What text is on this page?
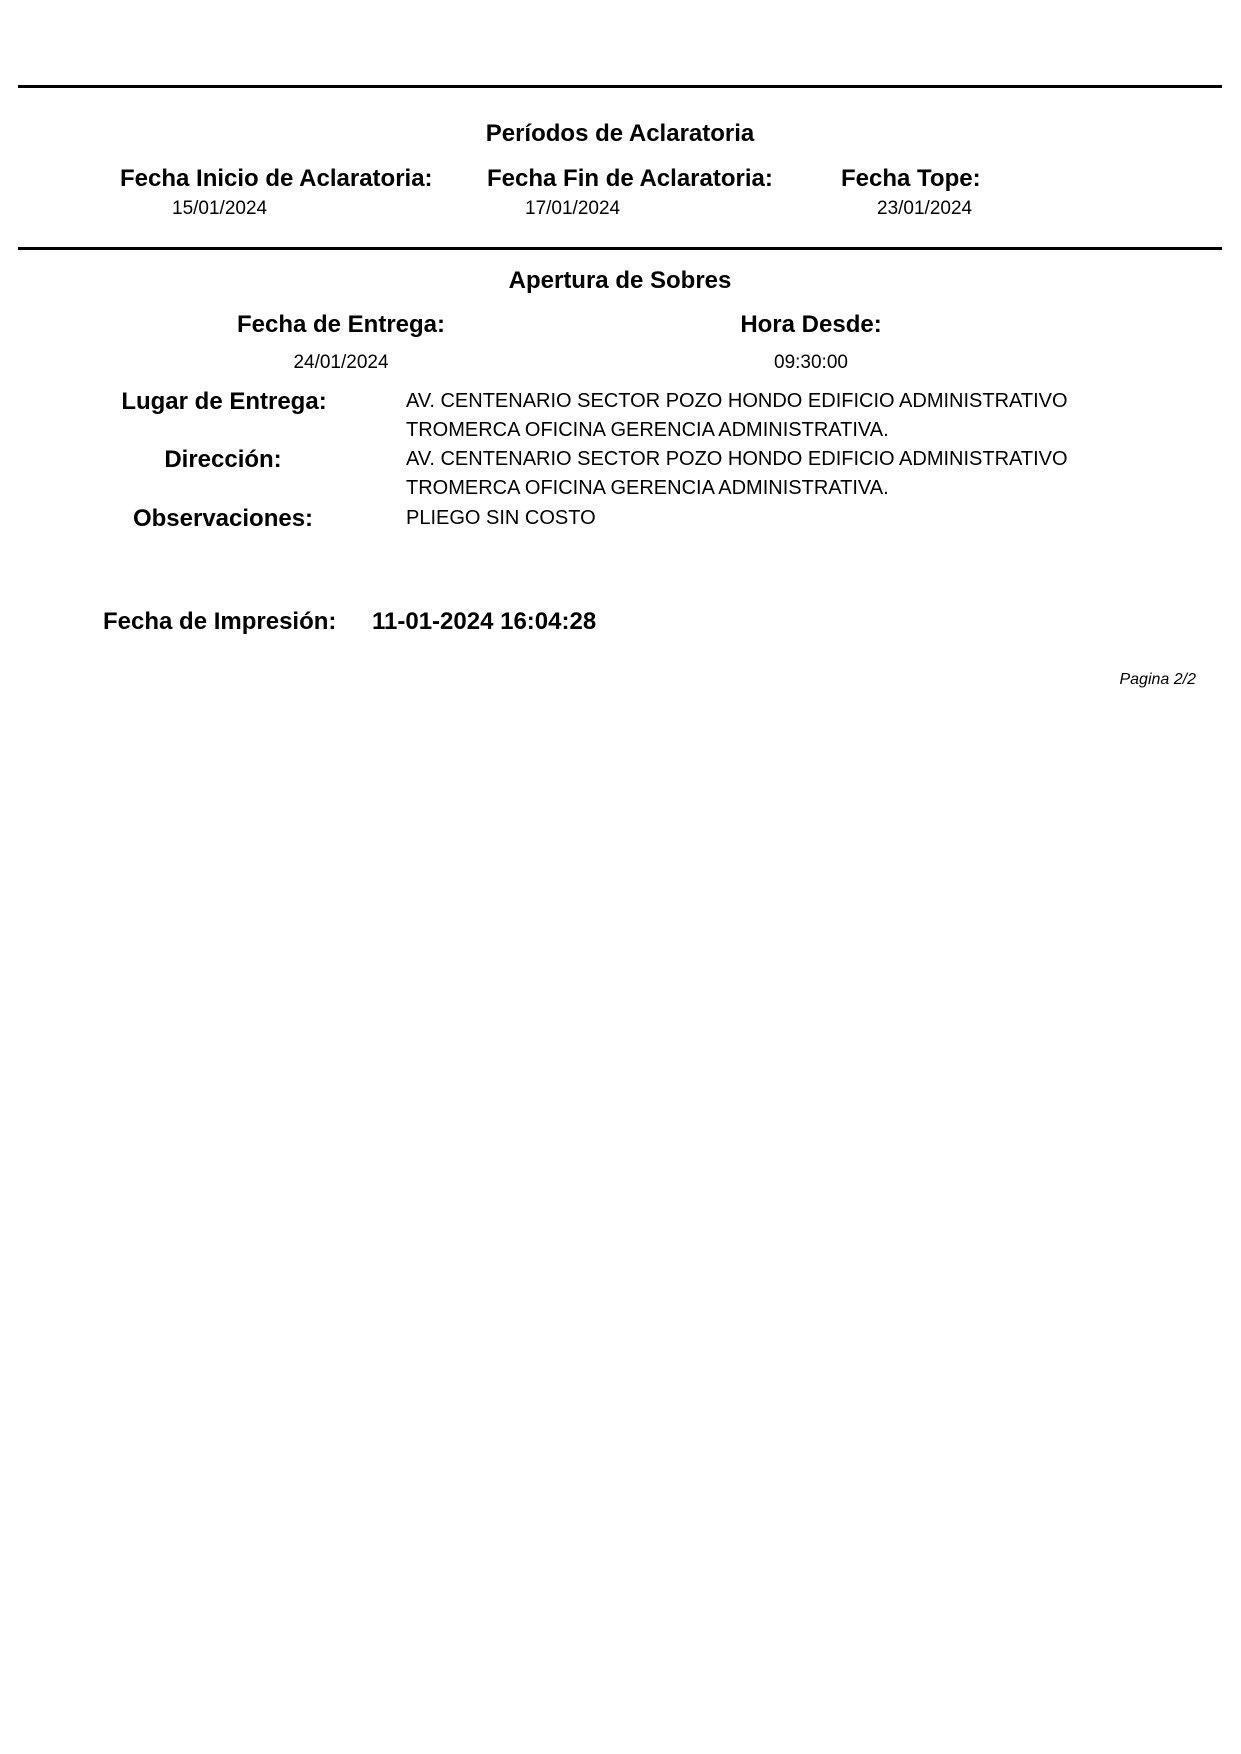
Períodos de Aclaratoria
Fecha Inicio de Aclaratoria:
15/01/2024
Fecha Fin de Aclaratoria:
17/01/2024
Fecha Tope:
23/01/2024
Apertura de Sobres
Fecha de Entrega:
24/01/2024
Hora Desde:
09:30:00
Lugar de Entrega:	AV. CENTENARIO SECTOR POZO HONDO EDIFICIO ADMINISTRATIVO
TROMERCA OFICINA GERENCIA ADMINISTRATIVA.
Dirección:	AV. CENTENARIO SECTOR POZO HONDO EDIFICIO ADMINISTRATIVO
TROMERCA OFICINA GERENCIA ADMINISTRATIVA.
Observaciones:	PLIEGO SIN COSTO
Fecha de Impresión: 11-01-2024 16:04:28
Pagina 2/2
